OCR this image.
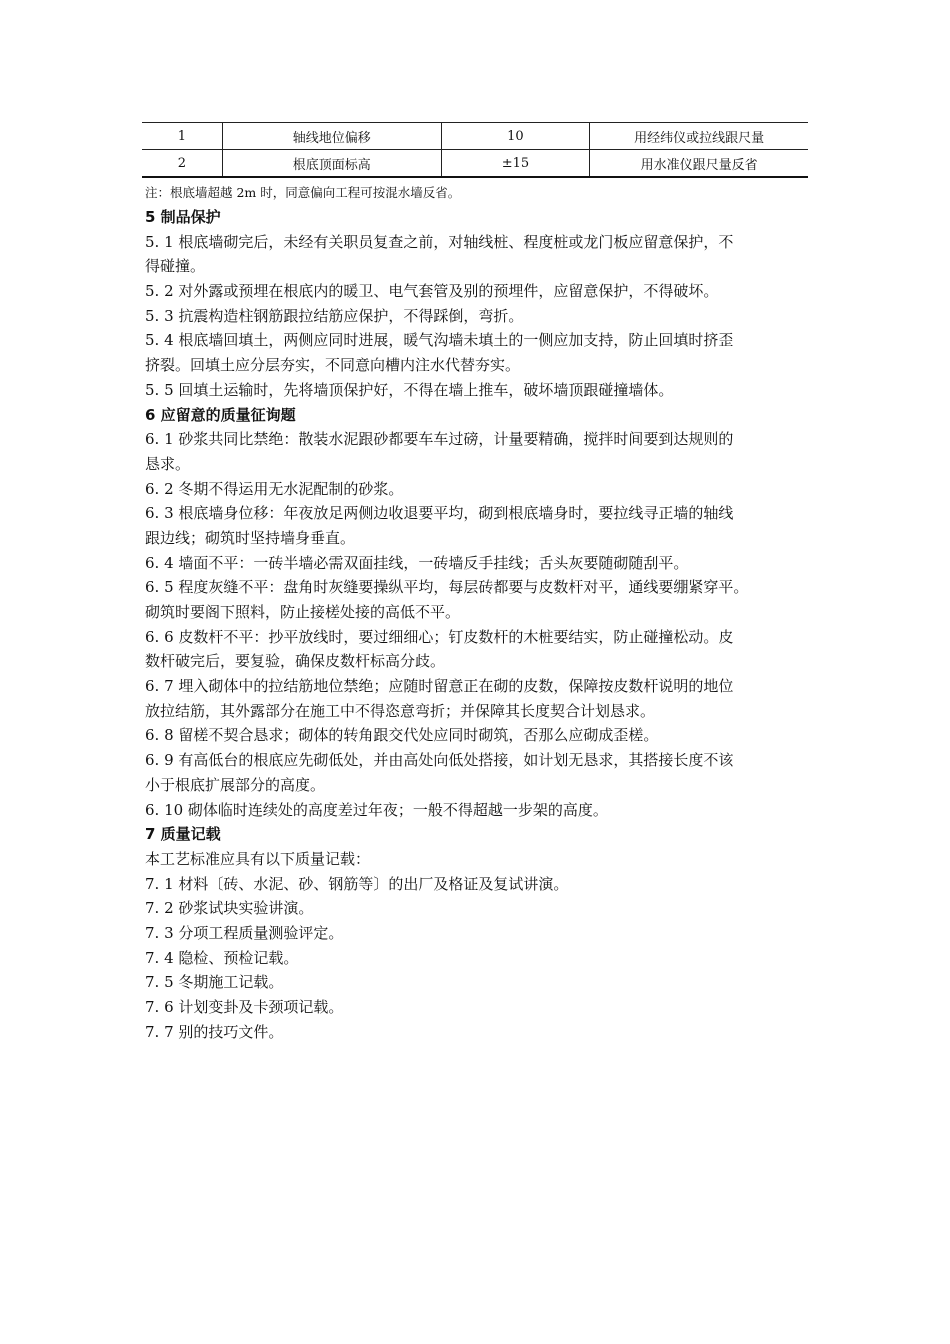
1	轴线地位偏移	10	用经纬仪或拉线跟尺量
2	根底顶面标高	±15	用水准仪跟尺量反省
注：根底墙超越 2m 时，同意偏向工程可按混水墙反省。
5 制品保护
5. 1 根底墙砌完后，未经有关职员复查之前，对轴线桩、程度桩或龙门板应留意保护，不
得碰撞。
5. 2 对外露或预埋在根底内的暖卫、电气套管及别的预埋件，应留意保护，不得破坏。
5. 3 抗震构造柱钢筋跟拉结筋应保护，不得踩倒，弯折。
5. 4 根底墙回填土，两侧应同时进展，暖气沟墙未填土的一侧应加支持，防止回填时挤歪
挤裂。回填土应分层夯实，不同意向槽内注水代替夯实。
5. 5 回填土运输时，先将墙顶保护好，不得在墙上推车，破坏墙顶跟碰撞墙体。
6 应留意的质量征询题
6. 1 砂浆共同比禁绝：散装水泥跟砂都要车车过磅，计量要精确，搅拌时间要到达规则的
恳求。
6. 2 冬期不得运用无水泥配制的砂浆。
6. 3 根底墙身位移：年夜放足两侧边收退要平均，砌到根底墙身时，要拉线寻正墙的轴线
跟边线；砌筑时坚持墙身垂直。
6. 4 墙面不平：一砖半墙必需双面挂线，一砖墙反手挂线；舌头灰要随砌随刮平。
6. 5 程度灰缝不平：盘角时灰缝要操纵平均，每层砖都要与皮数杆对平，通线要绷紧穿平。
砌筑时要阁下照料，防止接槎处接的高低不平。
6. 6 皮数杆不平：抄平放线时，要过细细心；钉皮数杆的木桩要结实，防止碰撞松动。皮
数杆破完后，要复验，确保皮数杆标高分歧。
6. 7 埋入砌体中的拉结筋地位禁绝；应随时留意正在砌的皮数，保障按皮数杆说明的地位
放拉结筋，其外露部分在施工中不得恣意弯折；并保障其长度契合计划恳求。
6. 8 留槎不契合恳求；砌体的转角跟交代处应同时砌筑，否那么应砌成歪槎。
6. 9 有高低台的根底应先砌低处，并由高处向低处搭接，如计划无恳求，其搭接长度不该
小于根底扩展部分的高度。
6. 10 砌体临时连续处的高度差过年夜；一般不得超越一步架的高度。
7 质量记载
本工艺标准应具有以下质量记载：
7. 1 材料〔砖、水泥、砂、钢筋等〕的出厂及格证及复试讲演。
7. 2 砂浆试块实验讲演。
7. 3 分项工程质量测验评定。
7. 4 隐检、预检记载。
7. 5 冬期施工记载。
7. 6 计划变卦及卡颈项记载。
7. 7 别的技巧文件。
